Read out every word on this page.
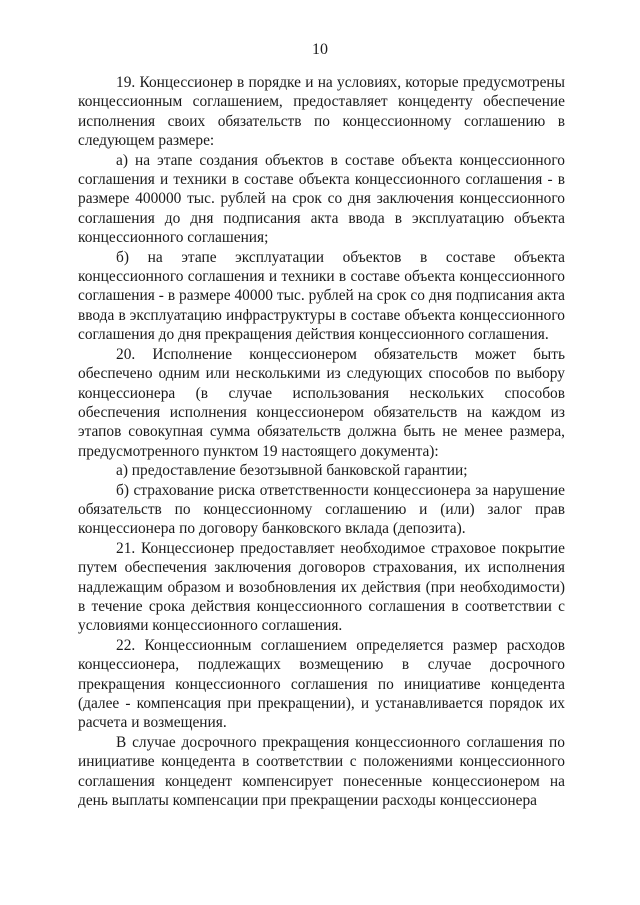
10

19. Концессионер в порядке и на условиях, которые предусмотрены концессионным соглашением, предоставляет концеденту обеспечение исполнения своих обязательств по концессионному соглашению в следующем размере:

а) на этапе создания объектов в составе объекта концессионного соглашения и техники в составе объекта концессионного соглашения - в размере 400000 тыс. рублей на срок со дня заключения концессионного соглашения до дня подписания акта ввода в эксплуатацию объекта концессионного соглашения;

б) на этапе эксплуатации объектов в составе объекта концессионного соглашения и техники в составе объекта концессионного соглашения - в размере 40000 тыс. рублей на срок со дня подписания акта ввода в эксплуатацию инфраструктуры в составе объекта концессионного соглашения до дня прекращения действия концессионного соглашения.

20. Исполнение концессионером обязательств может быть обеспечено одним или несколькими из следующих способов по выбору концессионера (в случае использования нескольких способов обеспечения исполнения концессионером обязательств на каждом из этапов совокупная сумма обязательств должна быть не менее размера, предусмотренного пунктом 19 настоящего документа):

а) предоставление безотзывной банковской гарантии;

б) страхование риска ответственности концессионера за нарушение обязательств по концессионному соглашению и (или) залог прав концессионера по договору банковского вклада (депозита).

21. Концессионер предоставляет необходимое страховое покрытие путем обеспечения заключения договоров страхования, их исполнения надлежащим образом и возобновления их действия (при необходимости) в течение срока действия концессионного соглашения в соответствии с условиями концессионного соглашения.

22. Концессионным соглашением определяется размер расходов концессионера, подлежащих возмещению в случае досрочного прекращения концессионного соглашения по инициативе концедента (далее - компенсация при прекращении), и устанавливается порядок их расчета и возмещения.

В случае досрочного прекращения концессионного соглашения по инициативе концедента в соответствии с положениями концессионного соглашения концедент компенсирует понесенные концессионером на день выплаты компенсации при прекращении расходы концессионера
